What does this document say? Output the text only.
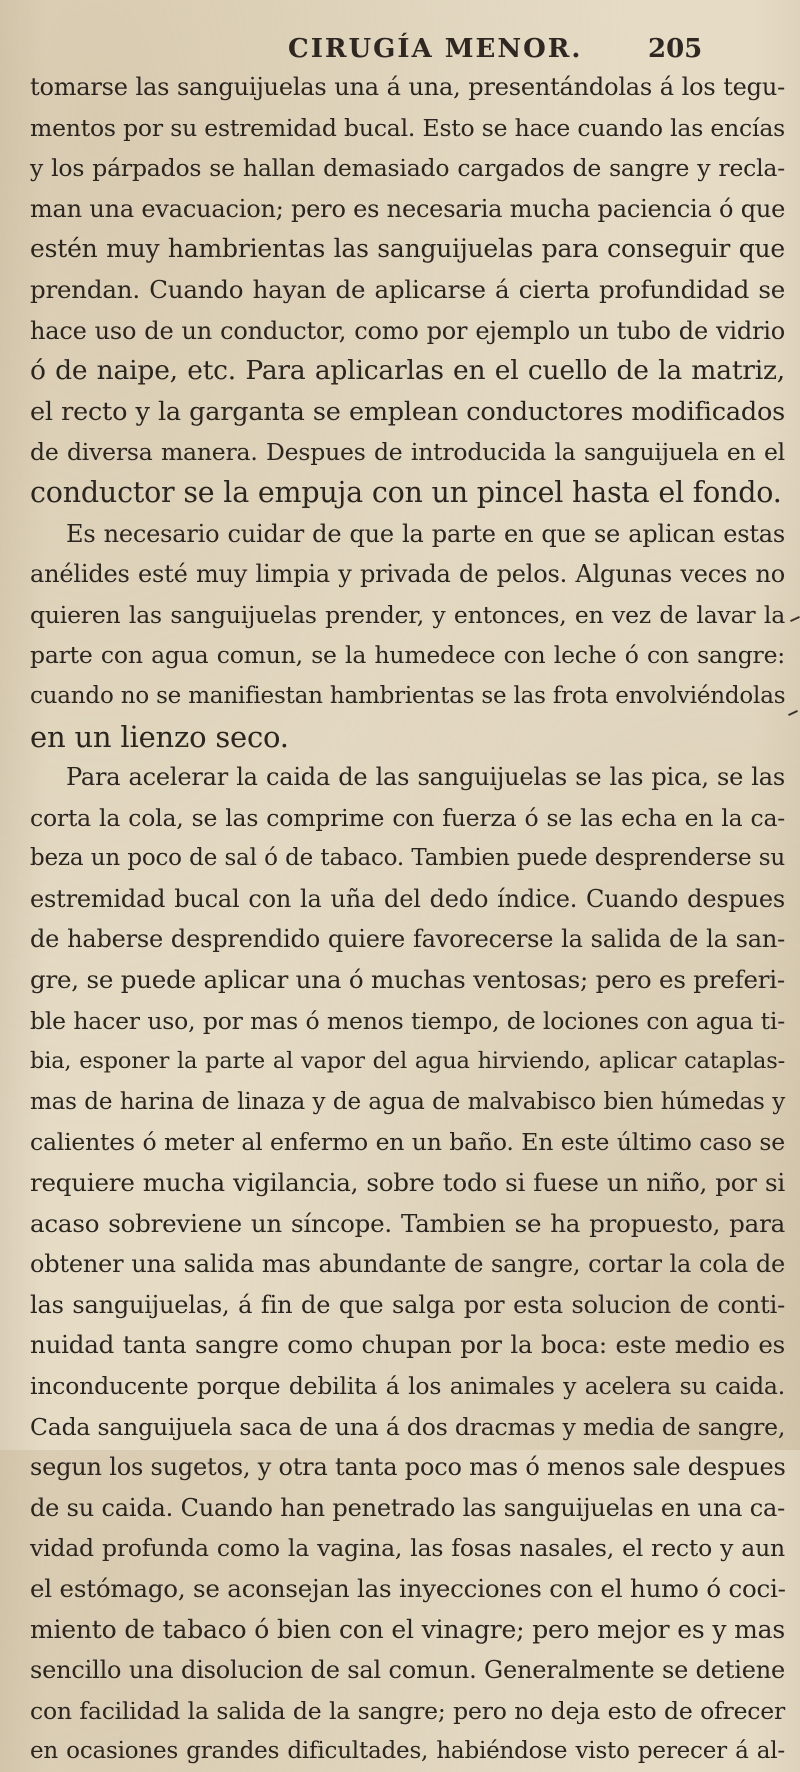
CIRUGÍA MENOR.	205
tomarse las sanguijuelas una á una, presentándolas á los tegu-
mentos por su estremidad bucal. Esto se hace cuando las encías
y los párpados se hallan demasiado cargados de sangre y recla-
man una evacuacion; pero es necesaria mucha paciencia ó que
estén muy hambrientas las sanguijuelas para conseguir que
prendan. Cuando hayan de aplicarse á cierta profundidad se
hace uso de un conductor, como por ejemplo un tubo de vidrio
ó de naipe, etc. Para aplicarlas en el cuello de la matriz,
el recto y la garganta se emplean conductores modificados
de diversa manera. Despues de introducida la sanguijuela en el
conductor se la empuja con un pincel hasta el fondo.
Es necesario cuidar de que la parte en que se aplican estas
anélides esté muy limpia y privada de pelos. Algunas veces no
quieren las sanguijuelas prender, y entonces, en vez de lavar la
parte con agua comun, se la humedece con leche ó con sangre:
cuando no se manifiestan hambrientas se las frota envolviéndolas
en un lienzo seco.
Para acelerar la caida de las sanguijuelas se las pica, se las
corta la cola, se las comprime con fuerza ó se las echa en la ca-
beza un poco de sal ó de tabaco. Tambien puede desprenderse su
estremidad bucal con la uña del dedo índice. Cuando despues
de haberse desprendido quiere favorecerse la salida de la san-
gre, se puede aplicar una ó muchas ventosas; pero es preferi-
ble hacer uso, por mas ó menos tiempo, de lociones con agua ti-
bia, esponer la parte al vapor del agua hirviendo, aplicar cataplas-
mas de harina de linaza y de agua de malvabisco bien húmedas y
calientes ó meter al enfermo en un baño. En este último caso se
requiere mucha vigilancia, sobre todo si fuese un niño, por si
acaso sobreviene un síncope. Tambien se ha propuesto, para
obtener una salida mas abundante de sangre, cortar la cola de
las sanguijuelas, á fin de que salga por esta solucion de conti-
nuidad tanta sangre como chupan por la boca: este medio es
inconducente porque debilita á los animales y acelera su caida.
Cada sanguijuela saca de una á dos dracmas y media de sangre,
segun los sugetos, y otra tanta poco mas ó menos sale despues
de su caida. Cuando han penetrado las sanguijuelas en una ca-
vidad profunda como la vagina, las fosas nasales, el recto y aun
el estómago, se aconsejan las inyecciones con el humo ó coci-
miento de tabaco ó bien con el vinagre; pero mejor es y mas
sencillo una disolucion de sal comun. Generalmente se detiene
con facilidad la salida de la sangre; pero no deja esto de ofrecer
en ocasiones grandes dificultades, habiéndose visto perecer á al-
